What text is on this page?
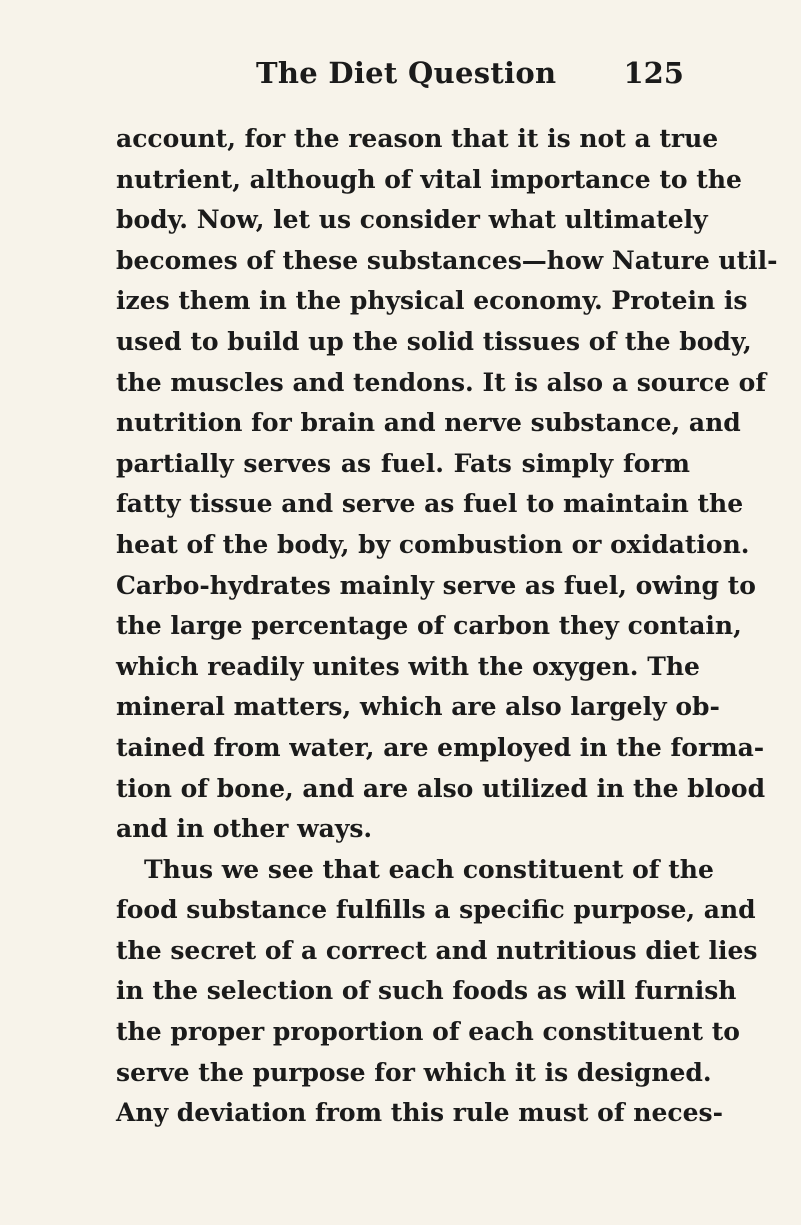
The Diet Question 125
account, for the reason that it is not a true
nutrient, although of vital importance to the
body. Now, let us consider what ultimately
becomes of these substances—how Nature util-
izes them in the physical economy. Protein is
used to build up the solid tissues of the body,
the muscles and tendons. It is also a source of
nutrition for brain and nerve substance, and
partially serves as fuel. Fats simply form
fatty tissue and serve as fuel to maintain the
heat of the body, by combustion or oxidation.
Carbo-hydrates mainly serve as fuel, owing to
the large percentage of carbon they contain,
which readily unites with the oxygen. The
mineral matters, which are also largely ob-
tained from water, are employed in the forma-
tion of bone, and are also utilized in the blood
and in other ways.
Thus we see that each constituent of the
food substance fulfills a specific purpose, and
the secret of a correct and nutritious diet lies
in the selection of such foods as will furnish
the proper proportion of each constituent to
serve the purpose for which it is designed.
Any deviation from this rule must of neces-
